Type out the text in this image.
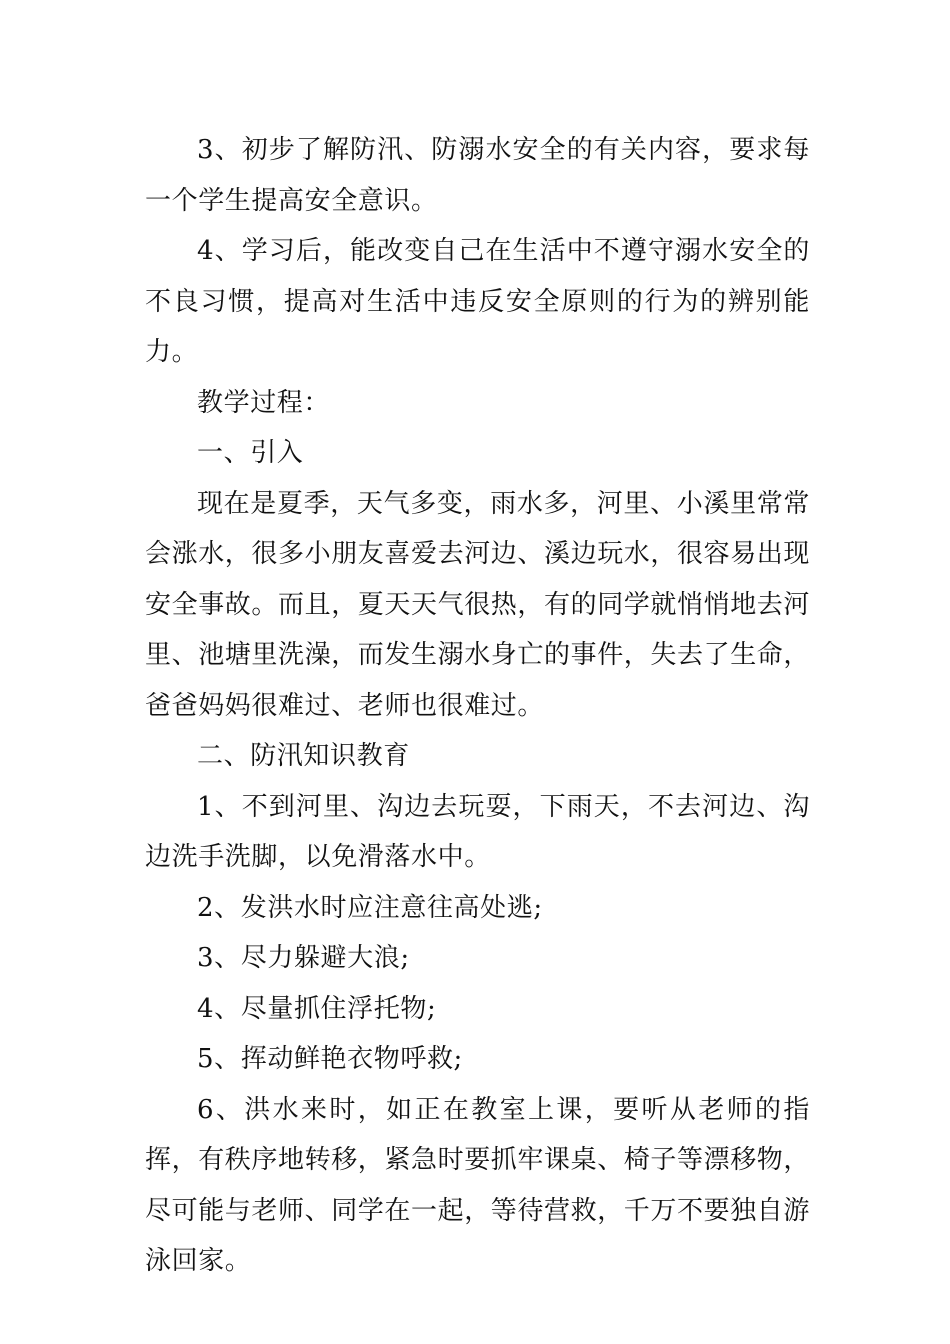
3、初步了解防汛、防溺水安全的有关内容，要求每一个学生提高安全意识。

4、学习后，能改变自己在生活中不遵守溺水安全的不良习惯，提高对生活中违反安全原则的行为的辨别能力。

教学过程：

一、引入

现在是夏季，天气多变，雨水多，河里、小溪里常常会涨水，很多小朋友喜爱去河边、溪边玩水，很容易出现安全事故。而且，夏天天气很热，有的同学就悄悄地去河里、池塘里洗澡，而发生溺水身亡的事件，失去了生命，爸爸妈妈很难过、老师也很难过。

二、防汛知识教育

1、不到河里、沟边去玩耍，下雨天，不去河边、沟边洗手洗脚，以免滑落水中。

2、发洪水时应注意往高处逃;

3、尽力躲避大浪;

4、尽量抓住浮托物;

5、挥动鲜艳衣物呼救;

6、洪水来时，如正在教室上课，要听从老师的指挥，有秩序地转移，紧急时要抓牢课桌、椅子等漂移物，尽可能与老师、同学在一起，等待营救，千万不要独自游泳回家。
